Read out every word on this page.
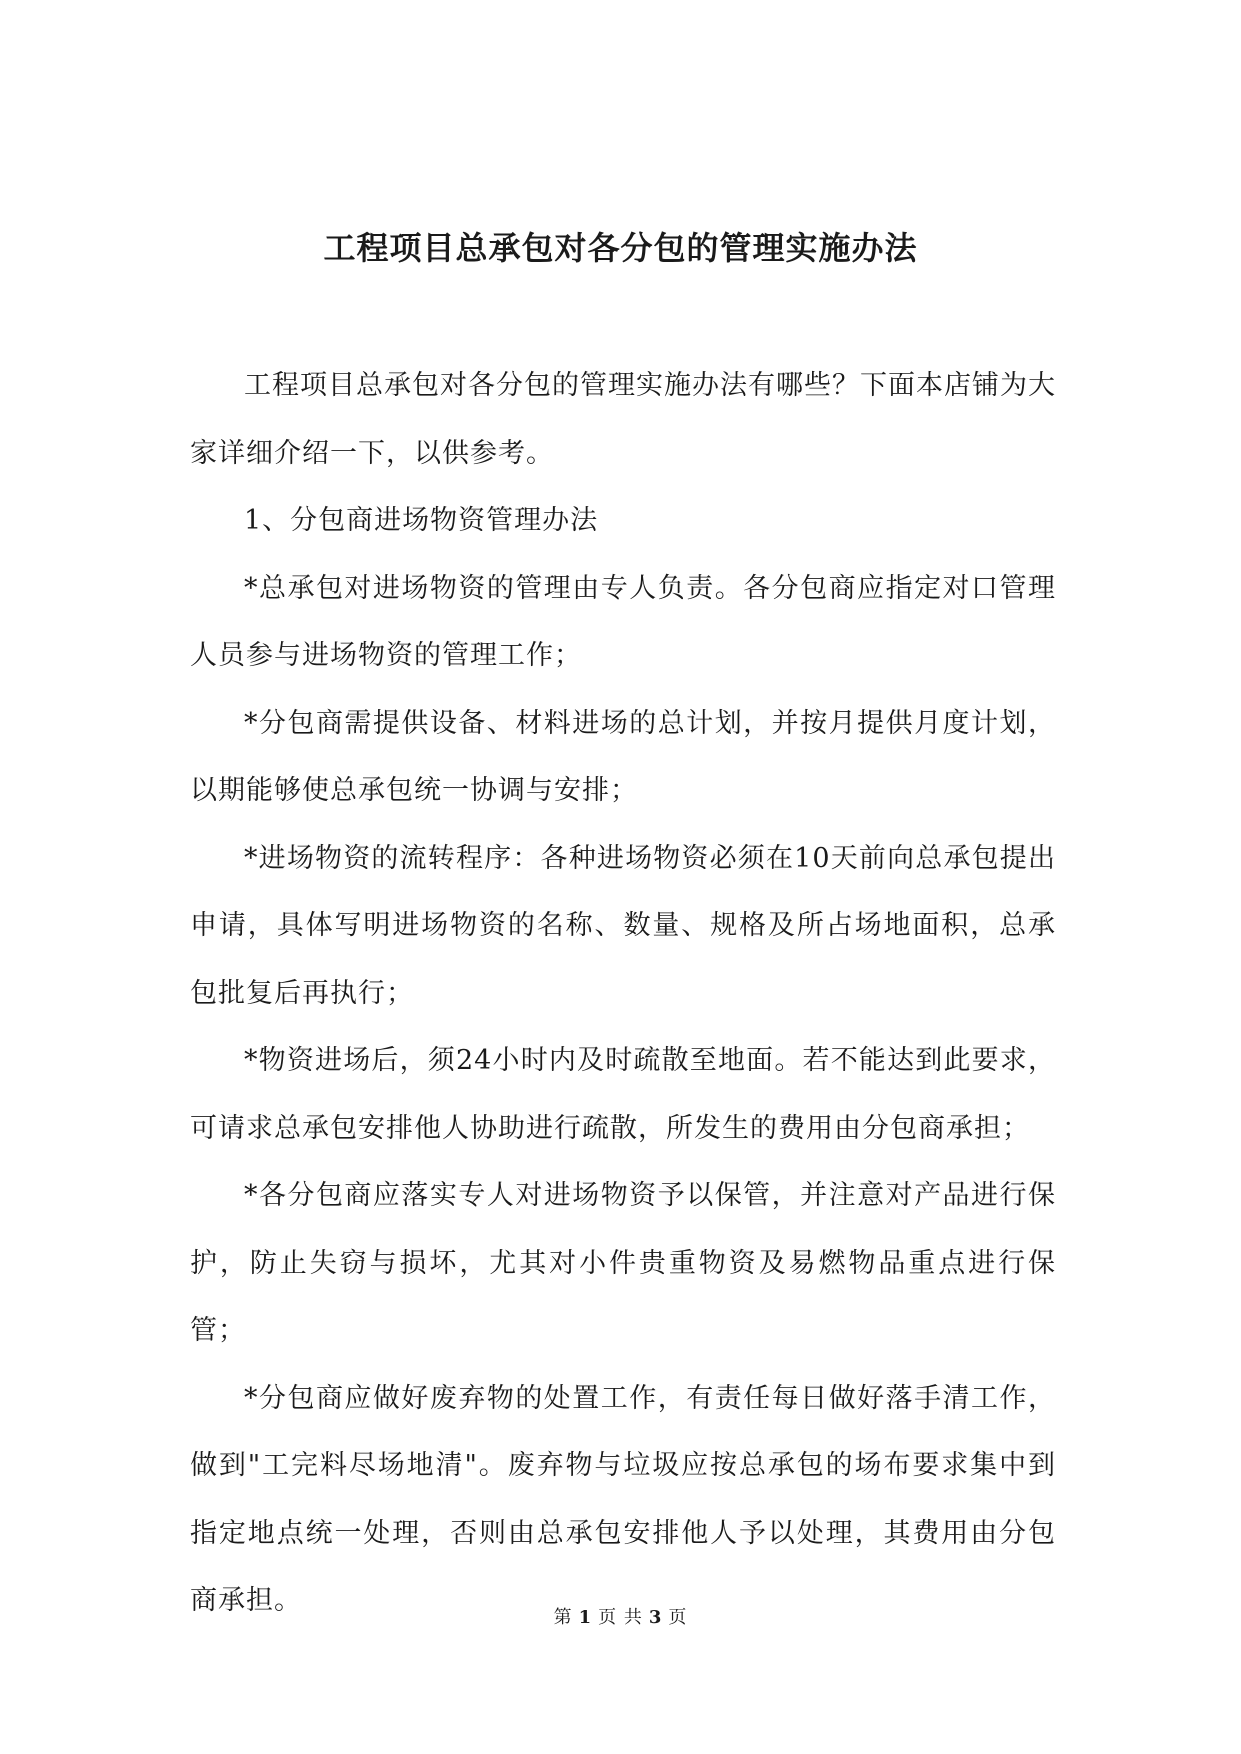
工程项目总承包对各分包的管理实施办法

工程项目总承包对各分包的管理实施办法有哪些？下面本店铺为大家详细介绍一下，以供参考。

1、分包商进场物资管理办法

*总承包对进场物资的管理由专人负责。各分包商应指定对口管理人员参与进场物资的管理工作；

*分包商需提供设备、材料进场的总计划，并按月提供月度计划，以期能够使总承包统一协调与安排；

*进场物资的流转程序：各种进场物资必须在10天前向总承包提出申请，具体写明进场物资的名称、数量、规格及所占场地面积，总承包批复后再执行；

*物资进场后，须24小时内及时疏散至地面。若不能达到此要求，可请求总承包安排他人协助进行疏散，所发生的费用由分包商承担；

*各分包商应落实专人对进场物资予以保管，并注意对产品进行保护，防止失窃与损坏，尤其对小件贵重物资及易燃物品重点进行保管；

*分包商应做好废弃物的处置工作，有责任每日做好落手清工作，做到"工完料尽场地清"。废弃物与垃圾应按总承包的场布要求集中到指定地点统一处理，否则由总承包安排他人予以处理，其费用由分包商承担。

第 1 页 共 3 页
